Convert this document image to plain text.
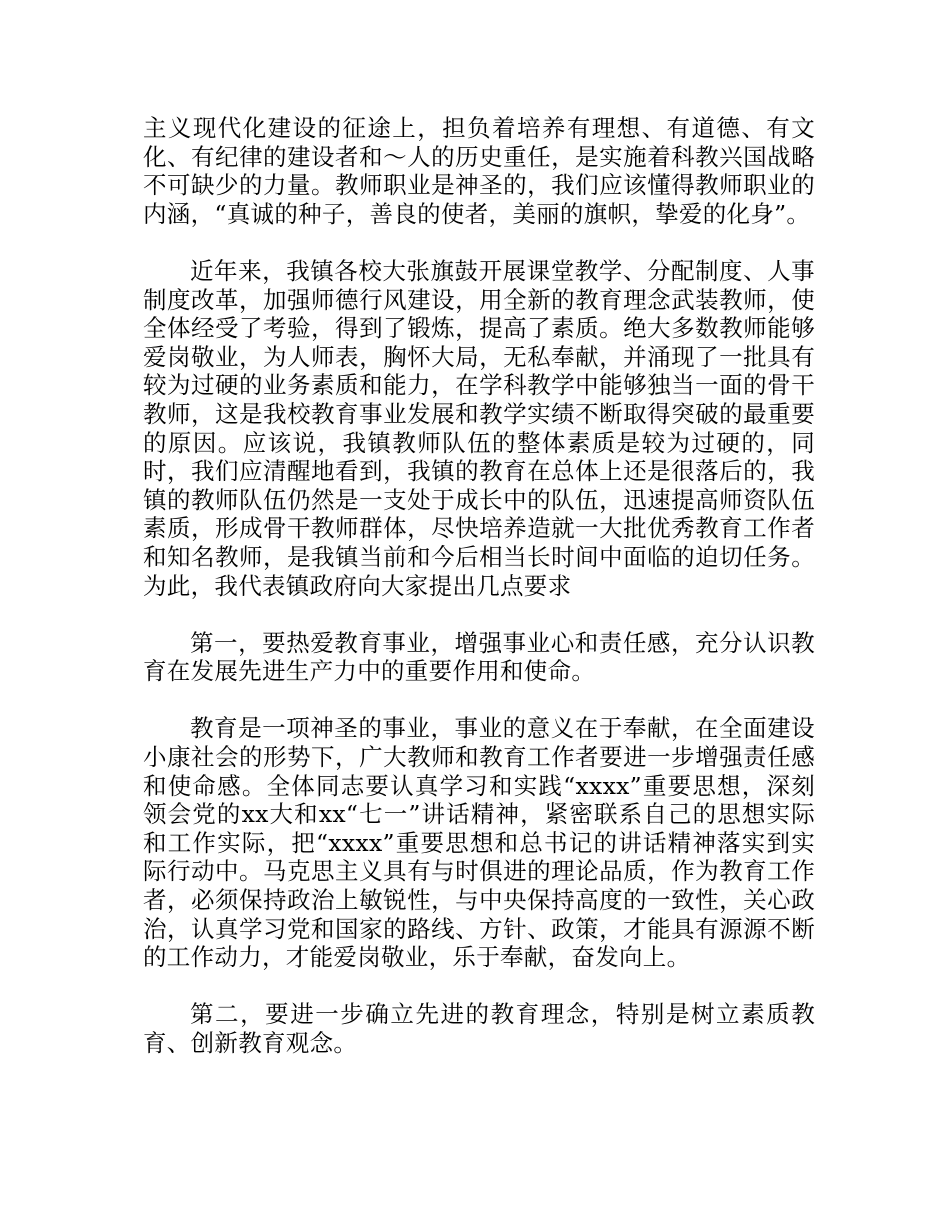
主义现代化建设的征途上，担负着培养有理想、有道德、有文化、有纪律的建设者和～人的历史重任，是实施着科教兴国战略不可缺少的力量。教师职业是神圣的，我们应该懂得教师职业的内涵，“真诚的种子，善良的使者，美丽的旗帜，挚爱的化身”。

近年来，我镇各校大张旗鼓开展课堂教学、分配制度、人事制度改革，加强师德行风建设，用全新的教育理念武装教师，使全体经受了考验，得到了锻炼，提高了素质。绝大多数教师能够爱岗敬业，为人师表，胸怀大局，无私奉献，并涌现了一批具有较为过硬的业务素质和能力，在学科教学中能够独当一面的骨干教师，这是我校教育事业发展和教学实绩不断取得突破的最重要的原因。应该说，我镇教师队伍的整体素质是较为过硬的，同时，我们应清醒地看到，我镇的教育在总体上还是很落后的，我镇的教师队伍仍然是一支处于成长中的队伍，迅速提高师资队伍素质，形成骨干教师群体，尽快培养造就一大批优秀教育工作者和知名教师，是我镇当前和今后相当长时间中面临的迫切任务。为此，我代表镇政府向大家提出几点要求

第一，要热爱教育事业，增强事业心和责任感，充分认识教育在发展先进生产力中的重要作用和使命。

教育是一项神圣的事业，事业的意义在于奉献，在全面建设小康社会的形势下，广大教师和教育工作者要进一步增强责任感和使命感。全体同志要认真学习和实践“xxxx”重要思想，深刻领会党的xx大和xx“七一”讲话精神，紧密联系自己的思想实际和工作实际，把“xxxx”重要思想和总书记的讲话精神落实到实际行动中。马克思主义具有与时俱进的理论品质，作为教育工作者，必须保持政治上敏锐性，与中央保持高度的一致性，关心政治，认真学习党和国家的路线、方针、政策，才能具有源源不断的工作动力，才能爱岗敬业，乐于奉献，奋发向上。

第二，要进一步确立先进的教育理念，特别是树立素质教育、创新教育观念。
